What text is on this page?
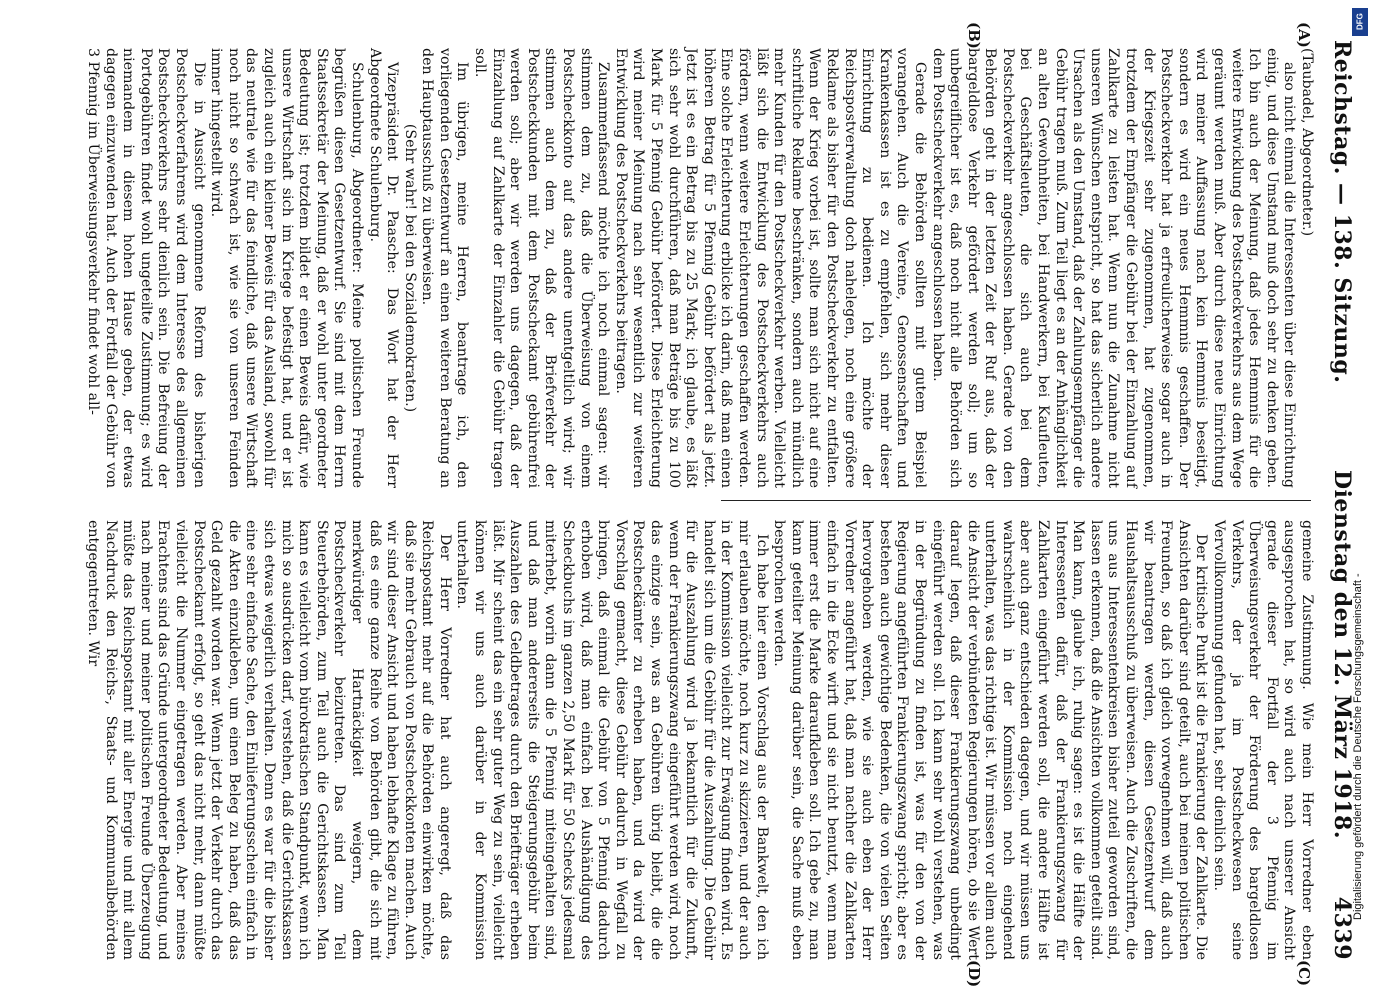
Reichstag. — 138. Sitzung.
Dienstag den 12. März 1918.
4339
(A)
(B)
(C)
(D)

(Taubadel, Abgeordneter.)

also nicht einmal die Interessenten über diese Einrichtung einig, und diese Umstand muß doch sehr zu denken geben. Ich bin auch der Meinung, daß jedes Hemmnis für die weitere Entwicklung des Postscheckverkehrs aus dem Wege geräumt werden muß. Aber durch diese neue Einrichtung wird meiner Auffassung nach kein Hemmnis beseitigt, sondern es wird ein neues Hemmnis geschaffen. Der Postscheckverkehr hat ja erfreulicherweise sogar auch in der Kriegszeit sehr zugenommen, hat zugenommen, trotzdem der Empfänger die Gebühr bei der Einzahlung auf Zahlkarte zu leisten hat. Wenn nun die Zunahme nicht unseren Wünschen entspricht, so hat das sicherlich andere Ursachen als den Umstand, daß der Zahlungsempfänger die Gebühr tragen muß. Zum Teil liegt es an der Anhänglichkeit an alten Gewohnheiten, bei Handwerkern, bei Kaufleuten, bei Geschäftsleuten, die sich auch bei dem Postscheckverkehr angeschlossen haben. Gerade von den Behörden geht in der letzten Zeit der Ruf aus, daß der bargeldlose Verkehr gefördert werden soll; um so unbegreiflicher ist es, daß noch nicht alle Behörden sich dem Postscheckverkehr angeschlossen haben.

Gerade die Behörden sollten mit gutem Beispiel vorangehen. Auch die Vereine, Genossenschaften und Krankenkassen ist es zu empfehlen, sich mehr dieser Einrichtung zu bedienen. Ich möchte der Reichspostverwaltung doch nahelegen, noch eine größere Reklame als bisher für den Postscheckverkehr zu entfalten. Wenn der Krieg vorbei ist, sollte man sich nicht auf eine schriftliche Reklame beschränken, sondern auch mündlich mehr Kunden für den Postscheckverkehr werben. Vielleicht läßt sich die Entwicklung des Postscheckverkehrs auch fördern, wenn weitere Erleichterungen geschaffen werden. Eine solche Erleichterung erblicke ich darin, daß man einen höheren Betrag für 5 Pfennig Gebühr befördert als jetzt. Jetzt ist es ein Betrag bis zu 25 Mark; ich glaube, es läßt sich sehr wohl durchführen, daß man Beträge bis zu 100 Mark für 5 Pfennig Gebühr befördert. Diese Erleichterung wird meiner Meinung nach sehr wesentlich zur weiteren Entwicklung des Postscheckverkehrs beitragen.

Zusammenfassend möchte ich noch einmal sagen: wir stimmen dem zu, daß die Überweisung von einem Postscheckkonto auf das andere unentgeltlich wird; wir stimmen auch dem zu, daß der Briefverkehr der Postscheckkunden mit dem Postscheckamt gebührenfrei werden soll; aber wir werden uns dagegen, daß der Einzahlung auf Zahlkarte der Einzahler die Gebühr tragen soll.

Im übrigen, meine Herren, beantrage ich, den vorliegenden Gesetzentwurf an einen weiteren Beratung an den Hauptausschuß zu überweisen.

(Sehr wahr! bei den Sozialdemokraten.)

Vizepräsident Dr. Paasche: Das Wort hat der Herr Abgeordnete Schulenburg.

Schulenburg, Abgeordneter: Meine politischen Freunde begrüßen diesen Gesetzentwurf. Sie sind mit dem Herrn Staatssekretär der Meinung, daß er wohl unter geordneter Bedeutung ist; trotzdem bildet er einen Beweis dafür, wie unsere Wirtschaft sich im Kriege befestigt hat, und er ist zugleich auch ein kleiner Beweis für das Ausland, sowohl für das neutrale wie für das feindliche, daß unsere Wirtschaft noch nicht so schwach ist, wie sie von unseren Feinden immer hingestellt wird.

Die in Aussicht genommene Reform des bisherigen Postscheckverfahrens wird dem Interesse des allgemeinen Postscheckverkehrs sehr dienlich sein. Die Befreiung der Portogebühren findet wohl ungeteilte Zustimmung; es wird niemandem in diesem hohen Hause geben, der etwas dagegen einzuwenden hat. Auch der Fortfall der Gebühr von 3 Pfennig im Überweisungsverkehr findet wohl all-

gemeine Zustimmung. Wie mein Herr Vorredner eben ausgesprochen hat, so wird auch nach unserer Ansicht gerade dieser Fortfall der 3 Pfennig im Überweisungsverkehr der Förderung des bargeldlosen Verkehrs, der ja im Postscheckwesen seine Vervollkommnung gefunden hat, sehr dienlich sein.

Der kritische Punkt ist die Frankierung der Zahlkarte. Die Ansichten darüber sind geteilt, auch bei meinen politischen Freunden, so daß ich gleich vorwegnehmen will, daß auch wir beantragen werden, diesen Gesetzentwurf dem Haushaltsausschuß zu überweisen. Auch die Zuschriften, die uns aus Interessentenkreisen bisher zuteil geworden sind, lassen erkennen, daß die Ansichten vollkommen geteilt sind. Man kann, glaube ich, ruhig sagen: es ist die Hälfte der Interessenten dafür, daß der Frankierungszwang für Zahlkarten eingeführt werden soll, die andere Hälfte ist aber auch ganz entschieden dagegen, und wir müssen uns wahrscheinlich in der Kommission noch eingehend unterhalten, was das richtige ist. Wir müssen vor allem auch die Ansicht der verbündeten Regierungen hören, ob sie Wert darauf legen, daß dieser Frankierungszwang unbedingt eingeführt werden soll. Ich kann sehr wohl verstehen, was in der Begründung zu finden ist, was für den von der Regierung angeführten Frankierungszwang spricht; aber es bestehen auch gewichtige Bedenken, die von vielen Seiten hervorgehoben werden, wie sie auch eben der Herr Vorredner angeführt hat, daß man nachher die Zahlkarten einfach in die Ecke wirft und sie nicht benutzt, wenn man immer erst die Marke daraufkleben soll. Ich gebe zu, man kann geteilter Meinung darüber sein, die Sache muß eben besprochen werden.

Ich habe hier einen Vorschlag aus der Bankwelt, den ich mir erlauben möchte, noch kurz zu skizzieren, und der auch in der Kommission vielleicht zur Erwägung finden wird. Es handelt sich um die Gebühr für die Auszahlung. Die Gebühr für die Auszahlung wird ja bekanntlich für die Zukunft, wenn der Frankierungszwang eingeführt werden wird, noch das einzige sein, was an Gebühren übrig bleibt, die die Postscheckämter zu erheben haben, und da wird der Vorschlag gemacht, diese Gebühr dadurch in Wegfall zu bringen, daß einmal die Gebühr von 5 Pfennig dadurch erhoben wird, daß man einfach bei Aushändigung des Scheckbuchs im ganzen 2,50 Mark für 50 Schecks jedesmal miterhebt, worin dann die 5 Pfennig miteingehalten sind, und daß man andererseits die Steigerungsgebühr beim Auszahlen des Geldbetrages durch den Briefträger erheben läßt. Mir scheint das ein sehr guter Weg zu sein, vielleicht können wir uns auch darüber in der Kommission unterhalten.

Der Herr Vorredner hat auch angeregt, daß das Reichspostamt mehr auf die Behörden einwirken möchte, daß sie mehr Gebrauch von Postscheckkonten machen. Auch wir sind dieser Ansicht und haben lebhafte Klage zu führen, daß es eine ganze Reihe von Behörden gibt, die sich mit merkwürdiger Hartnäckigkeit weigern, dem Postscheckverkehr beizutreten. Das sind zum Teil Steuerbehörden, zum Teil auch die Gerichtskassen. Man kann es vielleicht vom bürokratischen Standpunkt, wenn ich mich so ausdrücken darf, verstehen, daß die Gerichtskassen sich etwas weigerlich verhalten. Denn es war für die bisher eine sehr einfache Sache, den Einlieferungsschein einfach in die Akten einzukleben, um einen Beleg zu haben, daß das Geld gezahlt worden war. Wenn jetzt der Verkehr durch das Postscheckamt erfolgt, so geht das nicht mehr, dann müßte vielleicht die Nummer eingetragen werden. Aber meines Erachtens sind das Gründe untergeordneter Bedeutung, und nach meiner und meiner politischen Freunde Überzeugung müßte das Reichspostamt mit aller Energie und mit allem Nachdruck den Reichs-, Staats- und Kommunalbehörden entgegentreten. Wir

DFG
Digitalisierung gefördert durch die Deutsche Forschungsgemeinschaft -
